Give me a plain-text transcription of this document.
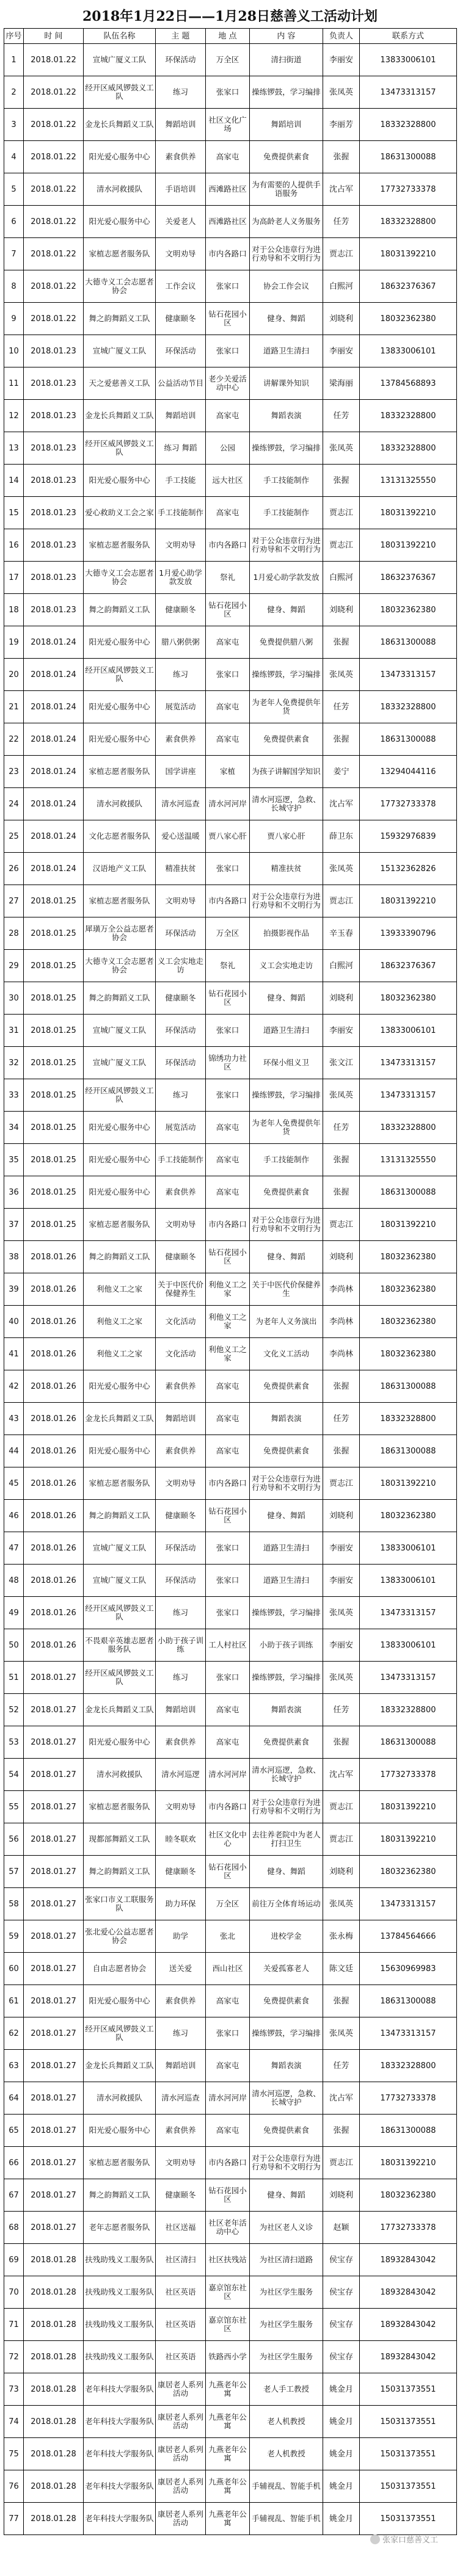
2018年1月22日——1月28日慈善义工活动计划
序号	时 间	队伍名称	主 题	地 点	内 容	负责人	联系方式
1	2018.01.22	宣城广厦义工队	环保活动	万全区	清扫街道	李丽安	13833006101
2	2018.01.22	经开区威风锣鼓义工队	练习	张家口	操练锣鼓，学习编排	张凤英	13473313157
3	2018.01.22	金龙长兵舞蹈义工队	舞蹈培训	社区文化广场	舞蹈培训	李丽芳	18332328800
4	2018.01.22	阳光爱心服务中心	素食供养	高家屯	免费提供素食	张握	18631300088
5	2018.01.22	清水河救援队	手语培训	西滩路社区	为有需要的人提供手语服务	沈占军	17732733378
6	2018.01.22	阳光爱心服务中心	关爱老人	西滩路社区	为高龄老人义务服务	任芳	18332328800
7	2018.01.22	家植志愿者服务队	文明劝导	市内各路口	对于公众违章行为进行劝导和不文明行为	贾志江	18031392210
8	2018.01.22	大德寺义工会志愿者协会	工作会议	张家口	协会工作会议	白熙河	18632376367
9	2018.01.22	舞之韵舞蹈义工队	健康颐冬	钻石花园小区	健身、舞蹈	刘晓利	18032362380
10	2018.01.23	宣城广厦义工队	环保活动	张家口	道路卫生清扫	李丽安	13833006101
11	2018.01.23	天之爱慈善义工队	公益活动节目	老少关爱活动中心	讲解课外知识	梁海丽	13784568893
12	2018.01.23	金龙长兵舞蹈义工队	舞蹈培训	高家屯	舞蹈表演	任芳	18332328800
13	2018.01.23	经开区威风锣鼓义工队	练习 舞蹈	公园	操练锣鼓，学习编排	张凤英	18332328800
14	2018.01.23	阳光爱心服务中心	手工技能	远大社区	手工技能制作	张握	13131325550
15	2018.01.23	爱心救助义工会之家	手工技能制作	高家屯	手工技能制作	贾志江	18031392210
16	2018.01.23	家植志愿者服务队	文明劝导	市内各路口	对于公众违章行为进行劝导和不文明行为	贾志江	18031392210
17	2018.01.23	大德寺义工会志愿者协会	1月爱心助学款发放	祭礼	1月爱心助学款发放	白熙河	18632376367
18	2018.01.23	舞之韵舞蹈义工队	健康颐冬	钻石花园小区	健身、舞蹈	刘晓利	18032362380
19	2018.01.24	阳光爱心服务中心	腊八粥供粥	高家屯	免费提供腊八粥	张握	18631300088
20	2018.01.24	经开区威风锣鼓义工队	练习	张家口	操练锣鼓，学习编排	张凤英	13473313157
21	2018.01.24	阳光爱心服务中心	展览活动	高家屯	为老年人免费提供年货	任芳	18332328800
22	2018.01.24	阳光爱心服务中心	素食供养	高家屯	免费提供素食	张握	18631300088
23	2018.01.24	家植志愿者服务队	国学讲座	家植	为孩子讲解国学知识	姜宁	13294044116
24	2018.01.24	清水河救援队	清水河巡查	清水河河岸	清水河巡逻，急救、长城守护	沈占军	17732733378
25	2018.01.24	文化志愿者服务队	爱心送温暖	贾八家心肝	贾八家心肝	薛卫东	15932976839
26	2018.01.24	汉语地产义工队	精准扶贫	张家口	精准扶贫	张凤英	15132362826
27	2018.01.25	家植志愿者服务队	文明劝导	市内各路口	对于公众违章行为进行劝导和不文明行为	贾志江	18031392210
28	2018.01.25	犀璜万全公益志愿者协会	环保活动	万全区	拍摄影视作品	辛玉春	13933390796
29	2018.01.25	大德寺义工会志愿者协会	义工会实地走访	祭礼	义工会实地走访	白熙河	18632376367
30	2018.01.25	舞之韵舞蹈义工队	健康颐冬	钻石花园小区	健身、舞蹈	刘晓利	18032362380
31	2018.01.25	宣城广厦义工队	环保活动	张家口	道路卫生清扫	李丽安	13833006101
32	2018.01.25	宣城广厦义工队	环保活动	锦绣功力社区	环保小组义卫	张文江	13473313157
33	2018.01.25	经开区威风锣鼓义工队	练习	张家口	操练锣鼓，学习编排	张凤英	13473313157
34	2018.01.25	阳光爱心服务中心	展览活动	高家屯	为老年人免费提供年货	任芳	18332328800
35	2018.01.25	阳光爱心服务中心	手工技能制作	高家屯	手工技能制作	张握	13131325550
36	2018.01.25	阳光爱心服务中心	素食供养	高家屯	免费提供素食	张握	18631300088
37	2018.01.25	家植志愿者服务队	文明劝导	市内各路口	对于公众违章行为进行劝导和不文明行为	贾志江	18031392210
38	2018.01.26	舞之韵舞蹈义工队	健康颐冬	钻石花园小区	健身、舞蹈	刘晓利	18032362380
39	2018.01.26	利他义工之家	关于中医代价保健养生	利他义工之家	关于中医代价保健养生	李尚林	18032362380
40	2018.01.26	利他义工之家	文化活动	利他义工之家	为老年人义务演出	李尚林	18032362380
41	2018.01.26	利他义工之家	文化活动	利他义工之家	文化义工活动	李尚林	18032362380
42	2018.01.26	阳光爱心服务中心	素食供养	高家屯	免费提供素食	张握	18631300088
43	2018.01.26	金龙长兵舞蹈义工队	舞蹈培训	高家屯	舞蹈表演	任芳	18332328800
44	2018.01.26	阳光爱心服务中心	素食供养	高家屯	免费提供素食	张握	18631300088
45	2018.01.26	家植志愿者服务队	文明劝导	市内各路口	对于公众违章行为进行劝导和不文明行为	贾志江	18031392210
46	2018.01.26	舞之韵舞蹈义工队	健康颐冬	钻石花园小区	健身、舞蹈	刘晓利	18032362380
47	2018.01.26	宣城广厦义工队	环保活动	张家口	道路卫生清扫	李丽安	13833006101
48	2018.01.26	宣城广厦义工队	环保活动	张家口	道路卫生清扫	李丽安	13833006101
49	2018.01.26	经开区威风锣鼓义工队	练习	张家口	操练锣鼓，学习编排	张凤英	13473313157
50	2018.01.26	不畏艰辛英雄志愿者服务队	小助于孩子训练	工人村社区	小助于孩子训练	李丽安	13833006101
51	2018.01.27	经开区威风锣鼓义工队	练习	张家口	操练锣鼓，学习编排	张凤英	13473313157
52	2018.01.27	金龙长兵舞蹈义工队	舞蹈培训	高家屯	舞蹈表演	任芳	18332328800
53	2018.01.27	阳光爱心服务中心	素食供养	高家屯	免费提供素食	张握	18631300088
54	2018.01.27	清水河救援队	清水河巡逻	清水河河岸	清水河巡逻，急救、长城守护	沈占军	17732733378
55	2018.01.27	家植志愿者服务队	文明劝导	市内各路口	对于公众违章行为进行劝导和不文明行为	贾志江	18031392210
56	2018.01.27	现都部舞蹈义工队	睦冬联欢	社区文化中心	去往养老院中为老人打扫卫生	贾志江	18031392210
57	2018.01.27	舞之韵舞蹈义工队	健康颐冬	钻石花园小区	健身、舞蹈	刘晓利	18032362380
58	2018.01.27	张家口市义工联服务队	助力环保	万全区	前往万全体育场运动	张凤英	13473313157
59	2018.01.27	张北爱心公益志愿者协会	助学	张北	进校学金	张永梅	13784564666
60	2018.01.27	自由志愿者协会	送关爱	西山社区	关爱孤寡老人	陈文廷	15630969983
61	2018.01.27	阳光爱心服务中心	素食供养	高家屯	免费提供素食	张握	18631300088
62	2018.01.27	经开区威风锣鼓义工队	练习	张家口	操练锣鼓，学习编排	张凤英	13473313157
63	2018.01.27	金龙长兵舞蹈义工队	舞蹈培训	高家屯	舞蹈表演	任芳	18332328800
64	2018.01.27	清水河救援队	清水河巡查	清水河河岸	清水河巡逻，急救、长城守护	沈占军	17732733378
65	2018.01.27	阳光爱心服务中心	素食供养	高家屯	免费提供素食	张握	18631300088
66	2018.01.27	家植志愿者服务队	文明劝导	市内各路口	对于公众违章行为进行劝导和不文明行为	贾志江	18031392210
67	2018.01.27	舞之韵舞蹈义工队	健康颐冬	钻石花园小区	健身、舞蹈	刘晓利	18032362380
68	2018.01.27	老年志愿者服务队	社区送福	社区老年活动中心	为社区老人义诊	赵颖	17732733378
69	2018.01.28	扶残助残义工服务队	社区清扫	社区扶残站	为社区清扫道路	侯宝存	18932843042
70	2018.01.28	扶残助残义工服务队	社区英语	嘉京馆东社区	为社区学生服务	侯宝存	18932843042
71	2018.01.28	扶残助残义工服务队	社区英语	嘉京馆东社区	为社区学生服务	侯宝存	18932843042
72	2018.01.28	扶残助残义工服务队	社区英语	铁路西小学	为社区学生服务	侯宝存	18932843042
73	2018.01.28	老年科技大学服务队	康居老人系列活动	九燕老年公寓	老人手工教授	姚金月	15031373551
74	2018.01.28	老年科技大学服务队	康居老人系列活动	九燕老年公寓	老人机教授	姚金月	15031373551
75	2018.01.28	老年科技大学服务队	康居老人系列活动	九燕老年公寓	老人机教授	姚金月	15031373551
76	2018.01.28	老年科技大学服务队	康居老人系列活动	九燕老年公寓	手辅视乱、智能手机	姚金月	15031373551
77	2018.01.28	老年科技大学服务队	康居老人系列活动	九燕老年公寓	手辅视乱、智能手机	姚金月	15031373551
张家口慈善义工
